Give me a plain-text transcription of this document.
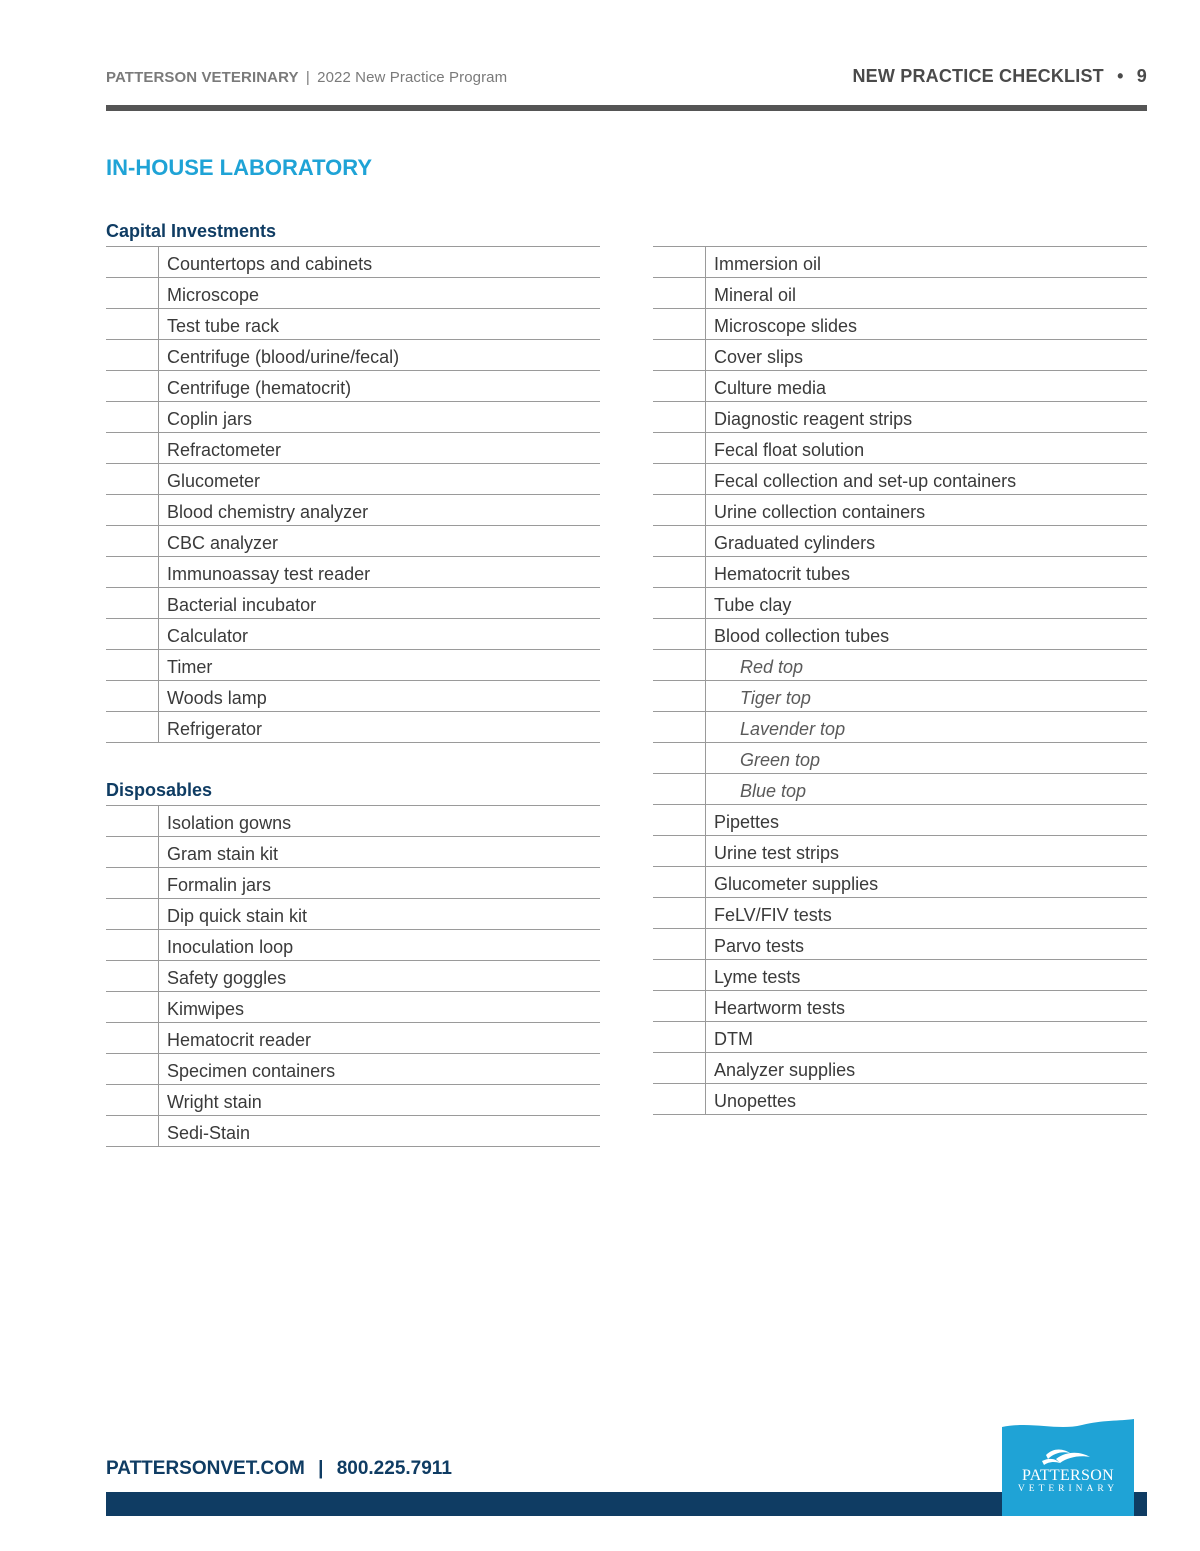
PATTERSON VETERINARY | 2022 New Practice Program	NEW PRACTICE CHECKLIST • 9
IN-HOUSE LABORATORY
Capital Investments
Countertops and cabinets
Microscope
Test tube rack
Centrifuge (blood/urine/fecal)
Centrifuge (hematocrit)
Coplin jars
Refractometer
Glucometer
Blood chemistry analyzer
CBC analyzer
Immunoassay test reader
Bacterial incubator
Calculator
Timer
Woods lamp
Refrigerator
Disposables
Isolation gowns
Gram stain kit
Formalin jars
Dip quick stain kit
Inoculation loop
Safety goggles
Kimwipes
Hematocrit reader
Specimen containers
Wright stain
Sedi-Stain
Immersion oil
Mineral oil
Microscope slides
Cover slips
Culture media
Diagnostic reagent strips
Fecal float solution
Fecal collection and set-up containers
Urine collection containers
Graduated cylinders
Hematocrit tubes
Tube clay
Blood collection tubes
Red top
Tiger top
Lavender top
Green top
Blue top
Pipettes
Urine test strips
Glucometer supplies
FeLV/FIV tests
Parvo tests
Lyme tests
Heartworm tests
DTM
Analyzer supplies
Unopettes
PATTERSONVET.COM | 800.225.7911	PATTERSON
VETERINARY
